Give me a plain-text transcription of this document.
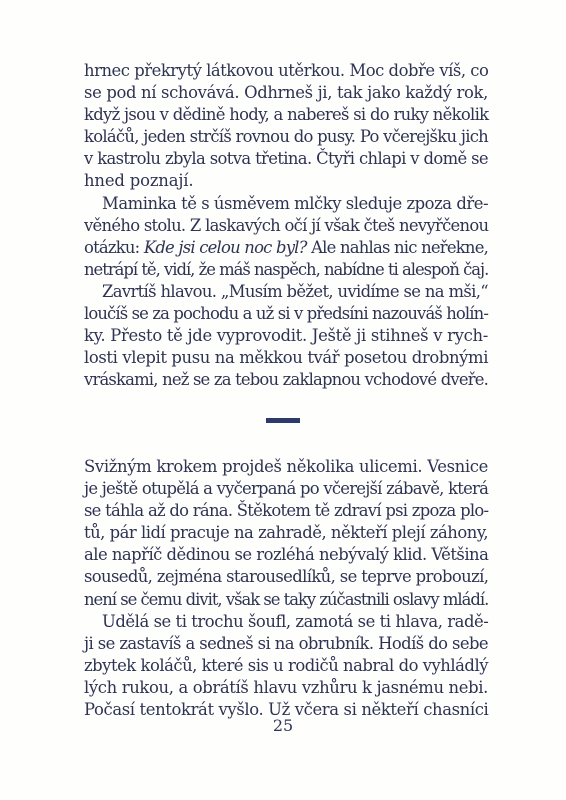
hrnec překrytý látkovou utěrkou. Moc dobře víš, co
se pod ní schovává. Odhrneš ji, tak jako každý rok,
když jsou v dědině hody, a nabereš si do ruky několik
koláčů, jeden strčíš rovnou do pusy. Po včerejšku jich
v kastrolu zbyla sotva třetina. Čtyři chlapi v domě se
hned poznají.

Maminka tě s úsměvem mlčky sleduje zpoza dře-
věného stolu. Z laskavých očí jí však čteš nevyřčenou
otázku: Kde jsi celou noc byl? Ale nahlas nic neřekne,
netrápí tě, vidí, že máš naspěch, nabídne ti alespoň čaj.

Zavrtíš hlavou. „Musím běžet, uvidíme se na mši,“
loučíš se za pochodu a už si v předsíni nazouváš holín-
ky. Přesto tě jde vyprovodit. Ještě ji stihneš v rych-
losti vlepit pusu na měkkou tvář posetou drobnými
vráskami, než se za tebou zaklapnou vchodové dveře.

Svižným krokem projdeš několika ulicemi. Vesnice
je ještě otupělá a vyčerpaná po včerejší zábavě, která
se táhla až do rána. Štěkotem tě zdraví psi zpoza plo-
tů, pár lidí pracuje na zahradě, někteří plejí záhony,
ale napříč dědinou se rozléhá nebývalý klid. Většina
sousedů, zejména starousedlíků, se teprve probouzí,
není se čemu divit, však se taky zúčastnili oslavy mládí.

Udělá se ti trochu šoufl, zamotá se ti hlava, radě-
ji se zastavíš a sedneš si na obrubník. Hodíš do sebe
zbytek koláčů, které sis u rodičů nabral do vyhládlý
lých rukou, a obrátíš hlavu vzhůru k jasnému nebi.
Počasí tentokrát vyšlo. Už včera si někteří chasníci

25
